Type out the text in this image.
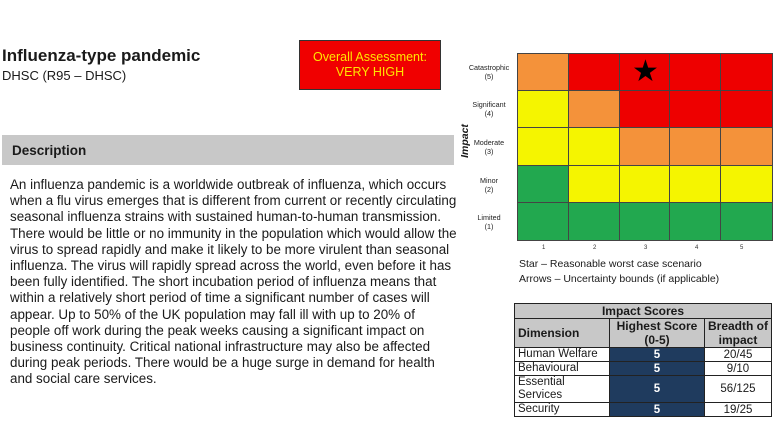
Influenza-type pandemic
DHSC (R95 – DHSC)
Overall Assessment:
VERY HIGH
Description
An influenza pandemic is a worldwide outbreak of influenza, which occurs when a flu virus emerges that is different from current or recently circulating seasonal influenza strains with sustained human-to-human transmission. There would be little or no immunity in the population which would allow the virus to spread rapidly and make it likely to be more virulent than seasonal influenza. The virus will rapidly spread across the world, even before it has been fully identified. The short incubation period of influenza means that within a relatively short period of time a significant number of cases will appear. Up to 50% of the UK population may fall ill with up to 20% of people off work during the peak weeks causing a significant impact on business continuity. Critical national infrastructure may also be affected during peak periods. There would be a huge surge in demand for health and social care services.
Impact
Catastrophic
(5)
Significant
(4)
Moderate
(3)
Minor
(2)
Limited
(1)
★
1	2	3	4	5
Star – Reasonable worst case scenario
Arrows – Uncertainty bounds (if applicable)
Impact Scores		
Dimension	Highest Score (0-5)	Breadth of impact
Human Welfare	5	20/45
Behavioural	5	9/10
Essential Services	5	56/125
Security	5	19/25
